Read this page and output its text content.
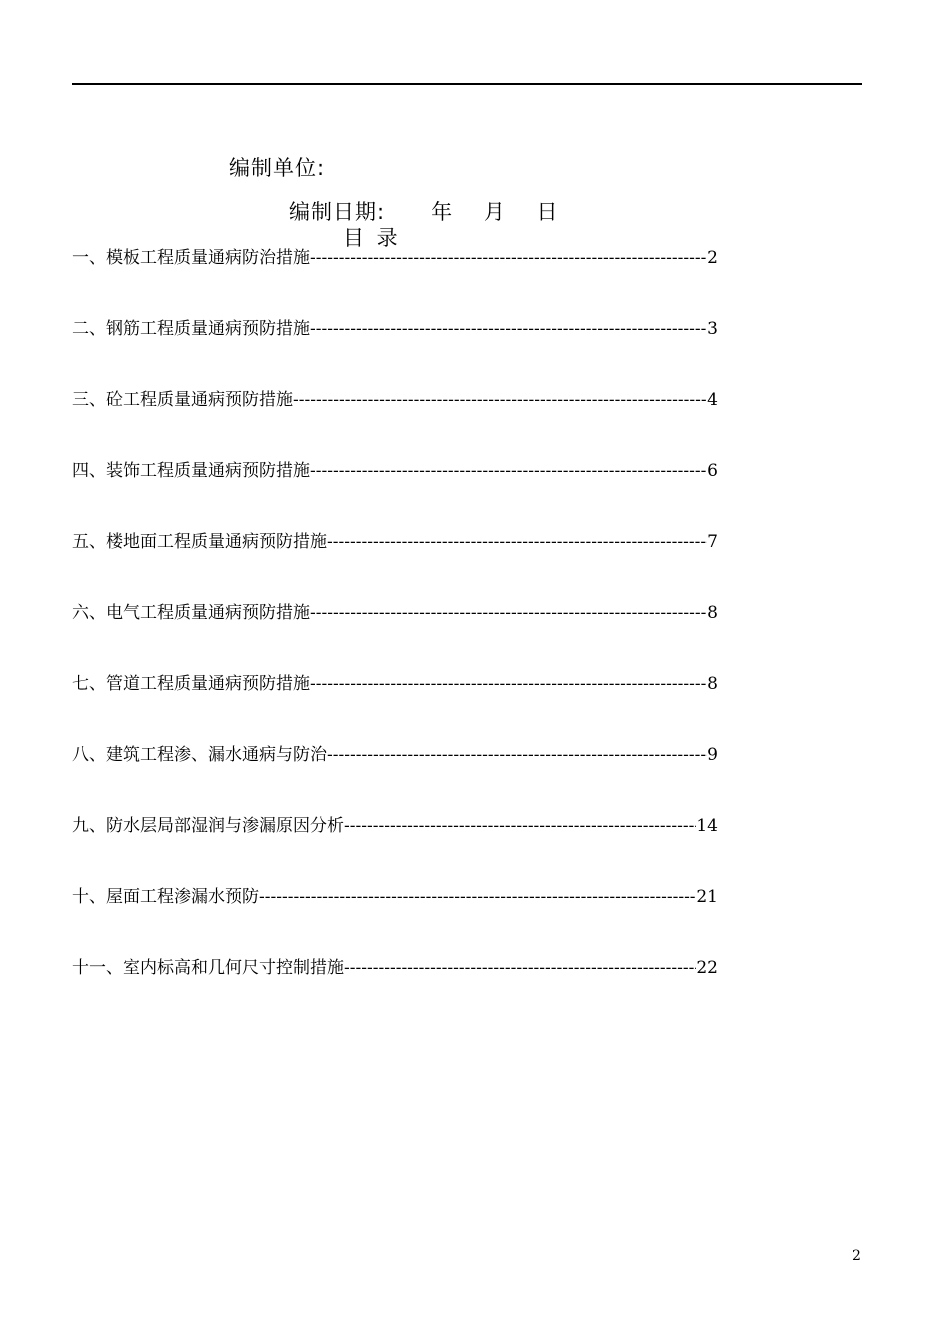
编制单位:
编制日期: 年 月 日
目 录
一、模板工程质量通病防治措施 -----	2
二、钢筋工程质量通病预防措施 -----	3
三、砼工程质量通病预防措施 -----	4
四、装饰工程质量通病预防措施 -----	6
五、楼地面工程质量通病预防措施 -----	7
六、电气工程质量通病预防措施 -----	8
七、管道工程质量通病预防措施 -----	8
八、建筑工程渗、漏水通病与防治 -----	9
九、防水层局部湿润与渗漏原因分析 -----	14
十、屋面工程渗漏水预防 -----	21
十一、室内标高和几何尺寸控制措施 -----	22
2
